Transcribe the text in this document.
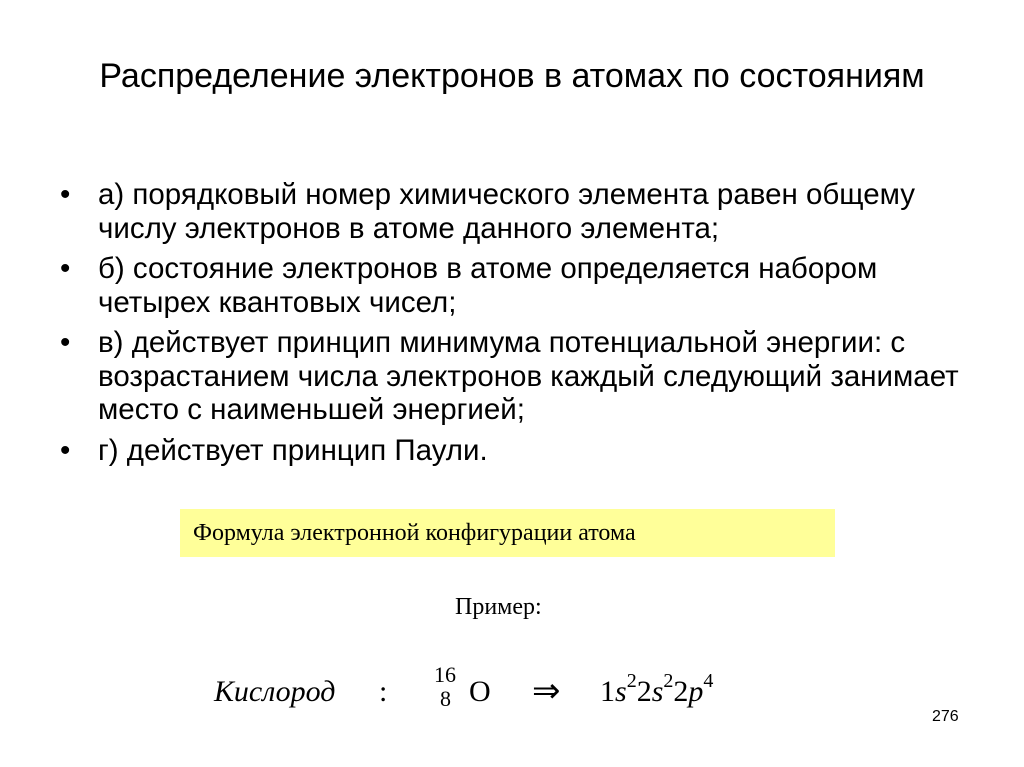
Распределение электронов в атомах по состояниям
• а) порядковый номер химического элемента равен общему числу электронов в атоме данного элемента;
• б) состояние электронов в атоме определяется набором четырех квантовых чисел;
• в) действует принцип минимума потенциальной энергии: с возрастанием числа электронов каждый следующий занимает место с наименьшей энергией;
• г) действует принцип Паули.
Формула электронной конфигурации атома
Пример:
Кислород :
16
8 O ⇒ $1s^22s^22p^4$
276
